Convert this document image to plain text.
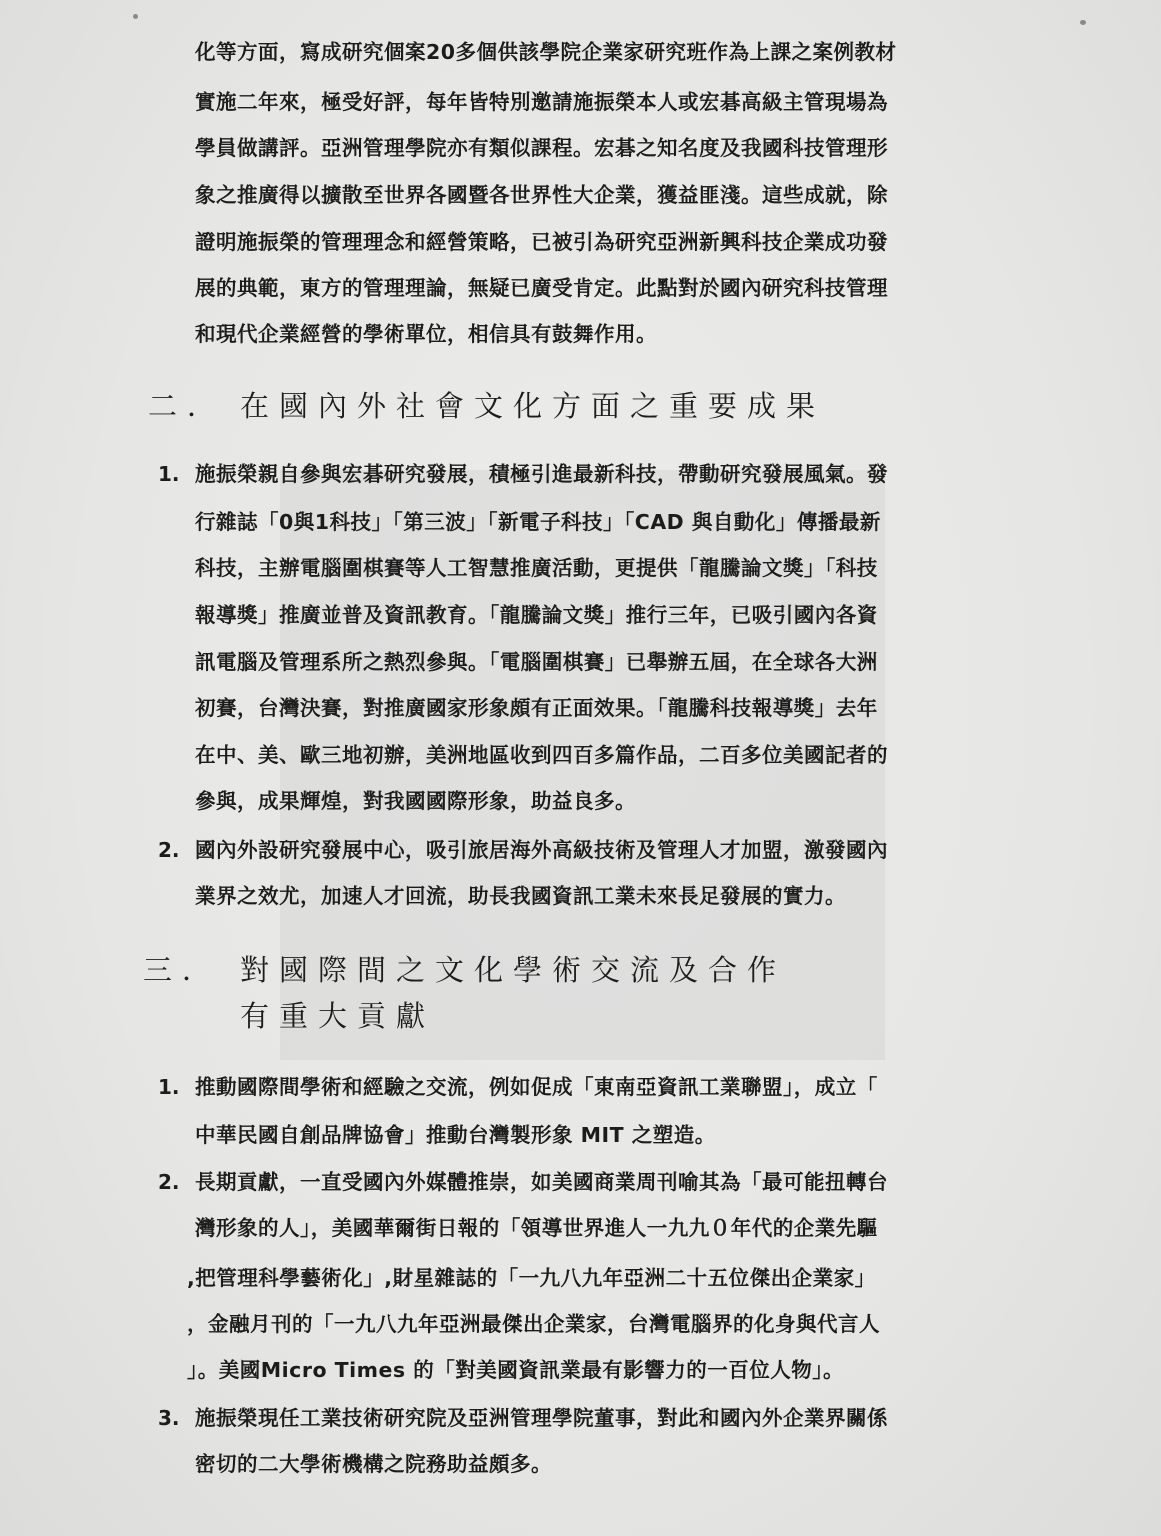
化等方面，寫成研究個案20多個供該學院企業家研究班作為上課之案例教材
實施二年來，極受好評，每年皆特別邀請施振榮本人或宏碁高級主管現場為
學員做講評。亞洲管理學院亦有類似課程。宏碁之知名度及我國科技管理形
象之推廣得以擴散至世界各國暨各世界性大企業，獲益匪淺。這些成就，除
證明施振榮的管理理念和經營策略，已被引為研究亞洲新興科技企業成功發
展的典範，東方的管理理論，無疑已廣受肯定。此點對於國內研究科技管理
和現代企業經營的學術單位，相信具有鼓舞作用。
二． 在國內外社會文化方面之重要成果
1. 施振榮親自參與宏碁研究發展，積極引進最新科技，帶動研究發展風氣。發
行雜誌「0與1科技」「第三波」「新電子科技」「CAD 與自動化」傳播最新
科技，主辦電腦圍棋賽等人工智慧推廣活動，更提供「龍騰論文獎」「科技
報導獎」推廣並普及資訊教育。「龍騰論文獎」推行三年，已吸引國內各資
訊電腦及管理系所之熱烈參與。「電腦圍棋賽」已舉辦五屆，在全球各大洲
初賽，台灣決賽，對推廣國家形象頗有正面效果。「龍騰科技報導獎」去年
在中、美、歐三地初辦，美洲地區收到四百多篇作品，二百多位美國記者的
參與，成果輝煌，對我國國際形象，助益良多。
2. 國內外設研究發展中心，吸引旅居海外高級技術及管理人才加盟，激發國內
業界之效尤，加速人才回流，助長我國資訊工業未來長足發展的實力。
三． 對國際間之文化學術交流及合作
有重大貢獻
1. 推動國際間學術和經驗之交流，例如促成「東南亞資訊工業聯盟」，成立「
中華民國自創品牌協會」推動台灣製形象 MIT 之塑造。
2. 長期貢獻，一直受國內外媒體推崇，如美國商業周刊喻其為「最可能扭轉台
灣形象的人」，美國華爾街日報的「領導世界進人一九九０年代的企業先驅
,把管理科學藝術化」,財星雜誌的「一九八九年亞洲二十五位傑出企業家」
，金融月刊的「一九八九年亞洲最傑出企業家，台灣電腦界的化身與代言人
」。美國Micro Times 的「對美國資訊業最有影響力的一百位人物」。
3. 施振榮現任工業技術研究院及亞洲管理學院董事，對此和國內外企業界關係
密切的二大學術機構之院務助益頗多。
